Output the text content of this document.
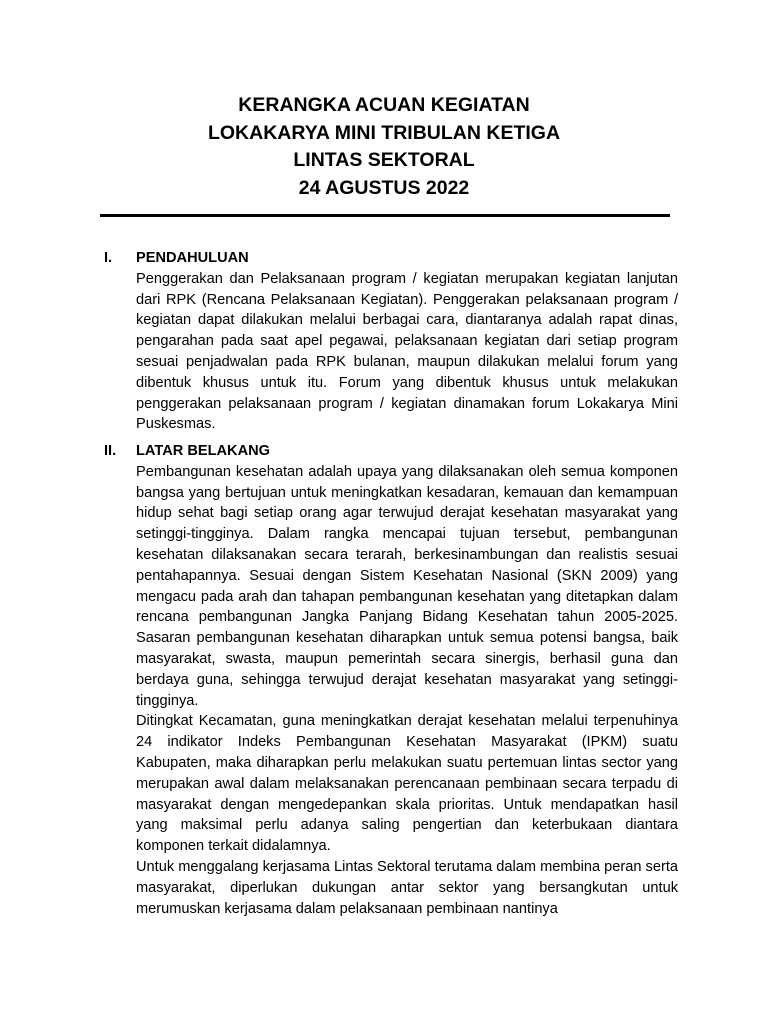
KERANGKA ACUAN KEGIATAN
LOKAKARYA MINI TRIBULAN KETIGA
LINTAS SEKTORAL
24 AGUSTUS 2022
I. PENDAHULUAN

Penggerakan dan Pelaksanaan program / kegiatan merupakan kegiatan lanjutan dari RPK (Rencana Pelaksanaan Kegiatan). Penggerakan pelaksanaan program / kegiatan dapat dilakukan melalui berbagai cara, diantaranya adalah rapat dinas, pengarahan pada saat apel pegawai, pelaksanaan kegiatan dari setiap program sesuai penjadwalan pada RPK bulanan, maupun dilakukan melalui forum yang dibentuk khusus untuk itu. Forum yang dibentuk khusus untuk melakukan penggerakan pelaksanaan program / kegiatan dinamakan forum Lokakarya Mini Puskesmas.

II. LATAR BELAKANG

Pembangunan kesehatan adalah upaya yang dilaksanakan oleh semua komponen bangsa yang bertujuan untuk meningkatkan kesadaran, kemauan dan kemampuan hidup sehat bagi setiap orang agar terwujud derajat kesehatan masyarakat yang setinggi-tingginya. Dalam rangka mencapai tujuan tersebut, pembangunan kesehatan dilaksanakan secara terarah, berkesinambungan dan realistis sesuai pentahapannya. Sesuai dengan Sistem Kesehatan Nasional (SKN 2009) yang mengacu pada arah dan tahapan pembangunan kesehatan yang ditetapkan dalam rencana pembangunan Jangka Panjang Bidang Kesehatan tahun 2005-2025. Sasaran pembangunan kesehatan diharapkan untuk semua potensi bangsa, baik masyarakat, swasta, maupun pemerintah secara sinergis, berhasil guna dan berdaya guna, sehingga terwujud derajat kesehatan masyarakat yang setinggi-tingginya.

Ditingkat Kecamatan, guna meningkatkan derajat kesehatan melalui terpenuhinya 24 indikator Indeks Pembangunan Kesehatan Masyarakat (IPKM) suatu Kabupaten, maka diharapkan perlu melakukan suatu pertemuan lintas sector yang merupakan awal dalam melaksanakan perencanaan pembinaan secara terpadu di masyarakat dengan mengedepankan skala prioritas. Untuk mendapatkan hasil yang maksimal perlu adanya saling pengertian dan keterbukaan diantara komponen terkait didalamnya.

Untuk menggalang kerjasama Lintas Sektoral terutama dalam membina peran serta masyarakat, diperlukan dukungan antar sektor yang bersangkutan untuk merumuskan kerjasama dalam pelaksanaan pembinaan nantinya
